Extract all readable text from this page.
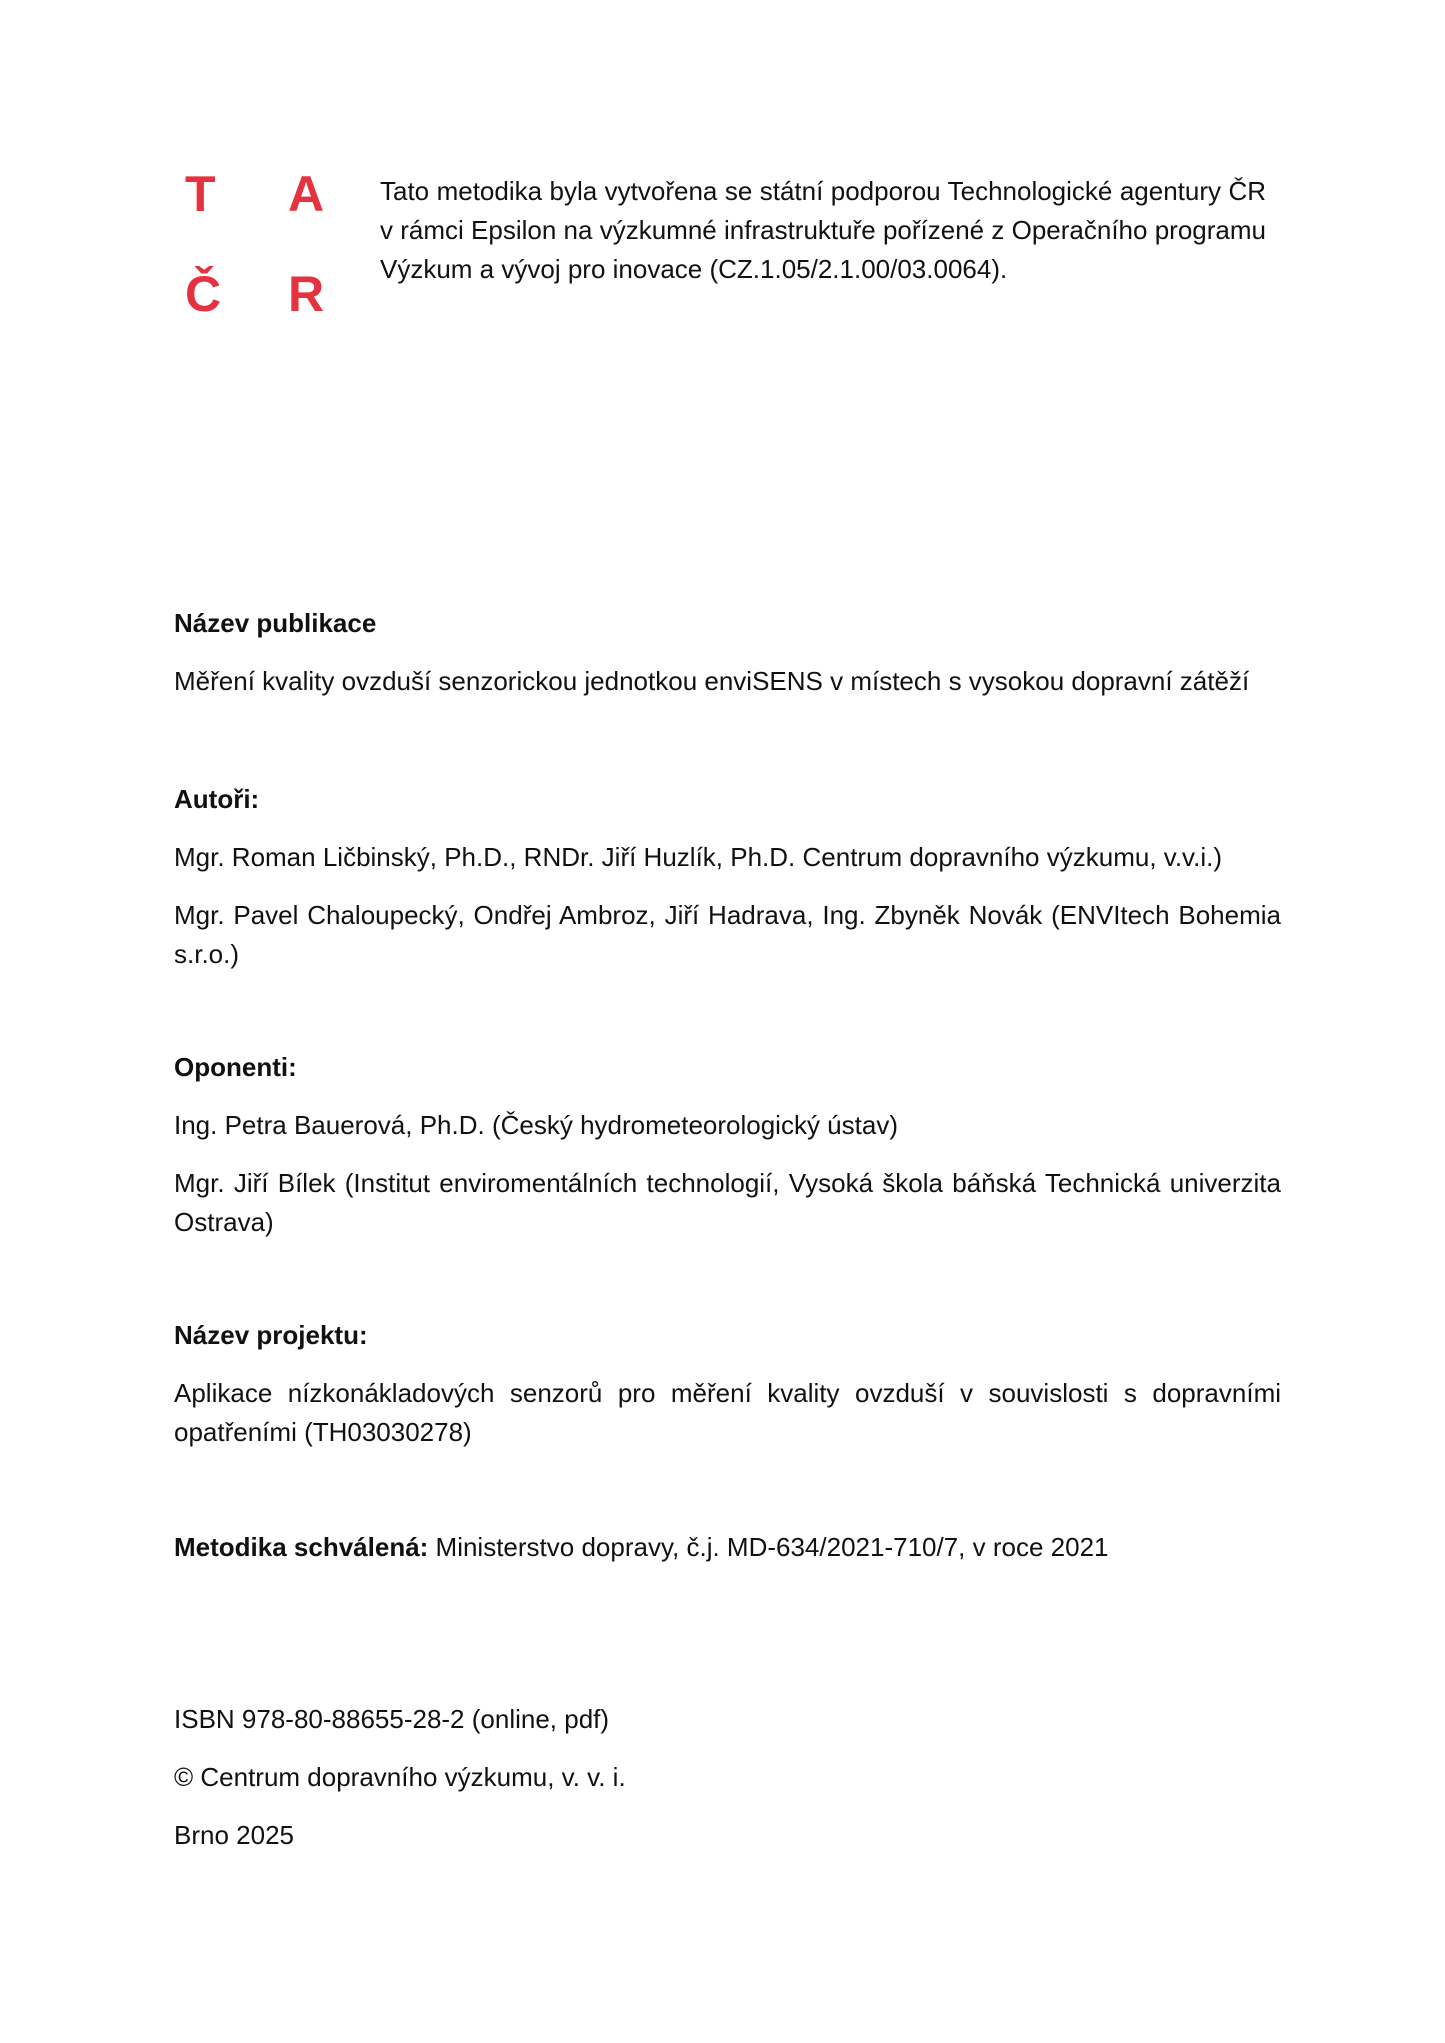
T A
Č R

Tato metodika byla vytvořena se státní podporou Technologické agentury ČR v rámci Epsilon na výzkumné infrastruktuře pořízené z Operačního programu Výzkum a vývoj pro inovace (CZ.1.05/2.1.00/03.0064).

Název publikace

Měření kvality ovzduší senzorickou jednotkou enviSENS v místech s vysokou dopravní zátěží

Autoři:

Mgr. Roman Ličbinský, Ph.D., RNDr. Jiří Huzlík, Ph.D. Centrum dopravního výzkumu, v.v.i.)

Mgr. Pavel Chaloupecký, Ondřej Ambroz, Jiří Hadrava, Ing. Zbyněk Novák (ENVItech Bohemia s.r.o.)

Oponenti:

Ing. Petra Bauerová, Ph.D. (Český hydrometeorologický ústav)

Mgr. Jiří Bílek (Institut enviromentálních technologií, Vysoká škola báňská Technická univerzita Ostrava)

Název projektu:

Aplikace nízkonákladových senzorů pro měření kvality ovzduší v souvislosti s dopravními opatřeními (TH03030278)

Metodika schválená: Ministerstvo dopravy, č.j. MD-634/2021-710/7, v roce 2021

ISBN 978-80-88655-28-2 (online, pdf)

© Centrum dopravního výzkumu, v. v. i.

Brno 2025
